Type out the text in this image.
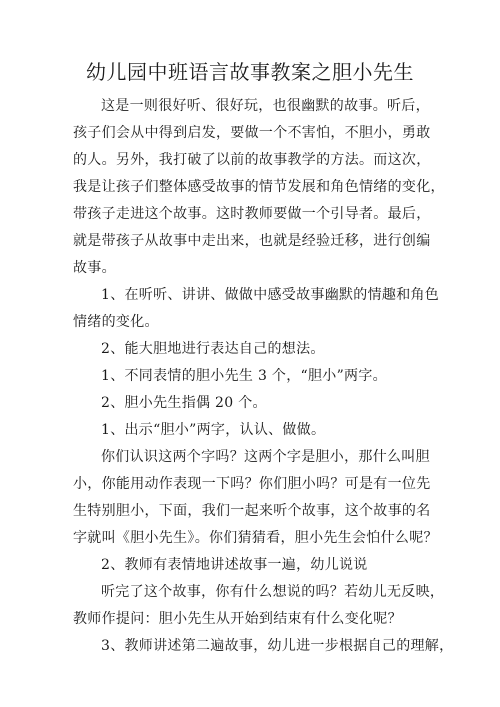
幼儿园中班语言故事教案之胆小先生
这是一则很好听、很好玩，也很幽默的故事。听后，
孩子们会从中得到启发，要做一个不害怕，不胆小，勇敢
的人。另外，我打破了以前的故事教学的方法。而这次，
我是让孩子们整体感受故事的情节发展和角色情绪的变化，
带孩子走进这个故事。这时教师要做一个引导者。最后，
就是带孩子从故事中走出来，也就是经验迁移，进行创编
故事。
1、在听听、讲讲、做做中感受故事幽默的情趣和角色
情绪的变化。
2、能大胆地进行表达自己的想法。
1、不同表情的胆小先生 3 个，“胆小”两字。
2、胆小先生指偶 20 个。
1、出示“胆小”两字，认认、做做。
你们认识这两个字吗？这两个字是胆小，那什么叫胆
小，你能用动作表现一下吗？你们胆小吗？可是有一位先
生特别胆小，下面，我们一起来听个故事，这个故事的名
字就叫《胆小先生》。你们猜猜看，胆小先生会怕什么呢？
2、教师有表情地讲述故事一遍，幼儿说说
听完了这个故事，你有什么想说的吗？若幼儿无反映，
教师作提问：胆小先生从开始到结束有什么变化呢？
3、教师讲述第二遍故事，幼儿进一步根据自己的理解，
